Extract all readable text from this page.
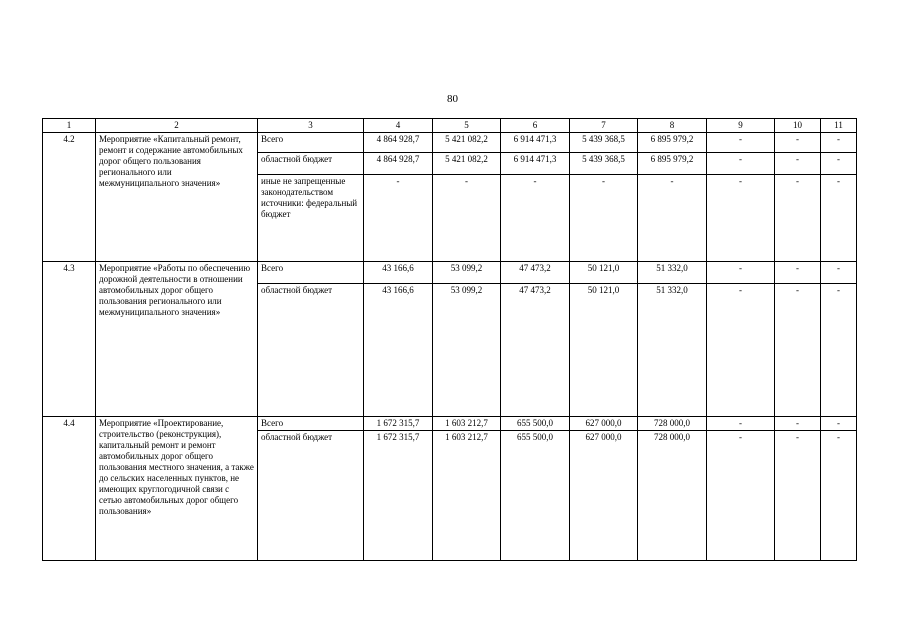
80
1	2	3	4	5	6	7	8	9	10	11
4.2	Мероприятие «Капитальный ремонт, ремонт и содержание автомобильных дорог общего пользования регионального или межмуниципального значения»	Всего	4 864 928,7	5 421 082,2	6 914 471,3	5 439 368,5	6 895 979,2	-	-	-
		областной бюджет	4 864 928,7	5 421 082,2	6 914 471,3	5 439 368,5	6 895 979,2	-	-	-
		иные не запрещенные законодательством источники: федеральный бюджет	-	-	-	-	-	-	-	-
4.3	Мероприятие «Работы по обеспечению дорожной деятельности в отношении автомобильных дорог общего пользования регионального или межмуниципального значения»	Всего	43 166,6	53 099,2	47 473,2	50 121,0	51 332,0	-	-	-
		областной бюджет	43 166,6	53 099,2	47 473,2	50 121,0	51 332,0	-	-	-
4.4	Мероприятие «Проектирование, строительство (реконструкция), капитальный ремонт и ремонт автомобильных дорог общего пользования местного значения, а также до сельских населенных пунктов, не имеющих круглогодичной связи с сетью автомобильных дорог общего пользования»	Всего	1 672 315,7	1 603 212,7	655 500,0	627 000,0	728 000,0	-	-	-
		областной бюджет	1 672 315,7	1 603 212,7	655 500,0	627 000,0	728 000,0	-	-	-
